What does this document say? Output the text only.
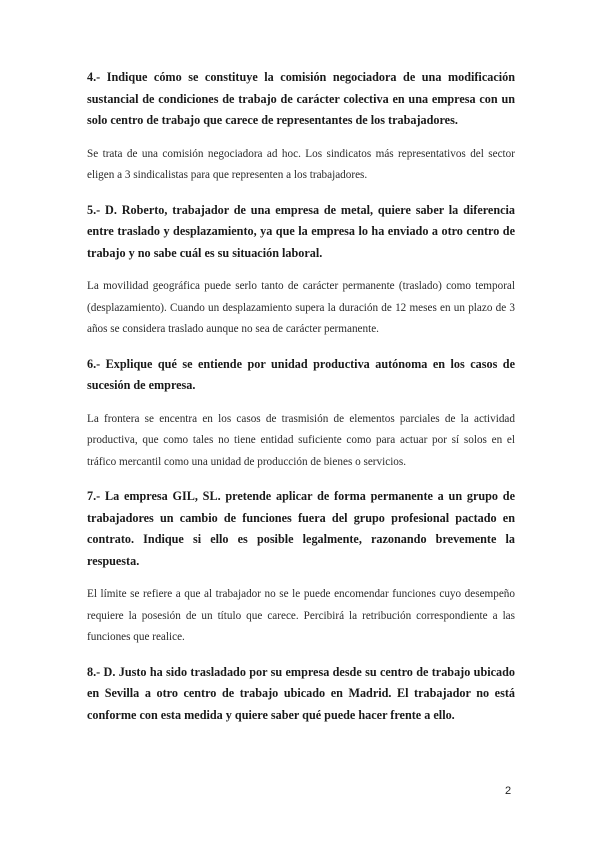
4.- Indique cómo se constituye la comisión negociadora de una modificación sustancial de condiciones de trabajo de carácter colectiva en una empresa con un solo centro de trabajo que carece de representantes de los trabajadores.

Se trata de una comisión negociadora ad hoc. Los sindicatos más representativos del sector eligen a 3 sindicalistas para que representen a los trabajadores.

5.- D. Roberto, trabajador de una empresa de metal, quiere saber la diferencia entre traslado y desplazamiento, ya que la empresa lo ha enviado a otro centro de trabajo y no sabe cuál es su situación laboral.

La movilidad geográfica puede serlo tanto de carácter permanente (traslado) como temporal (desplazamiento). Cuando un desplazamiento supera la duración de 12 meses en un plazo de 3 años se considera traslado aunque no sea de carácter permanente.

6.- Explique qué se entiende por unidad productiva autónoma en los casos de sucesión de empresa.

La frontera se encentra en los casos de trasmisión de elementos parciales de la actividad productiva, que como tales no tiene entidad suficiente como para actuar por sí solos en el tráfico mercantil como una unidad de producción de bienes o servicios.

7.- La empresa GIL, SL. pretende aplicar de forma permanente a un grupo de trabajadores un cambio de funciones fuera del grupo profesional pactado en contrato. Indique si ello es posible legalmente, razonando brevemente la respuesta.

El límite se refiere a que al trabajador no se le puede encomendar funciones cuyo desempeño requiere la posesión de un título que carece. Percibirá la retribución correspondiente a las funciones que realice.

8.- D. Justo ha sido trasladado por su empresa desde su centro de trabajo ubicado en Sevilla a otro centro de trabajo ubicado en Madrid. El trabajador no está conforme con esta medida y quiere saber qué puede hacer frente a ello.

2
